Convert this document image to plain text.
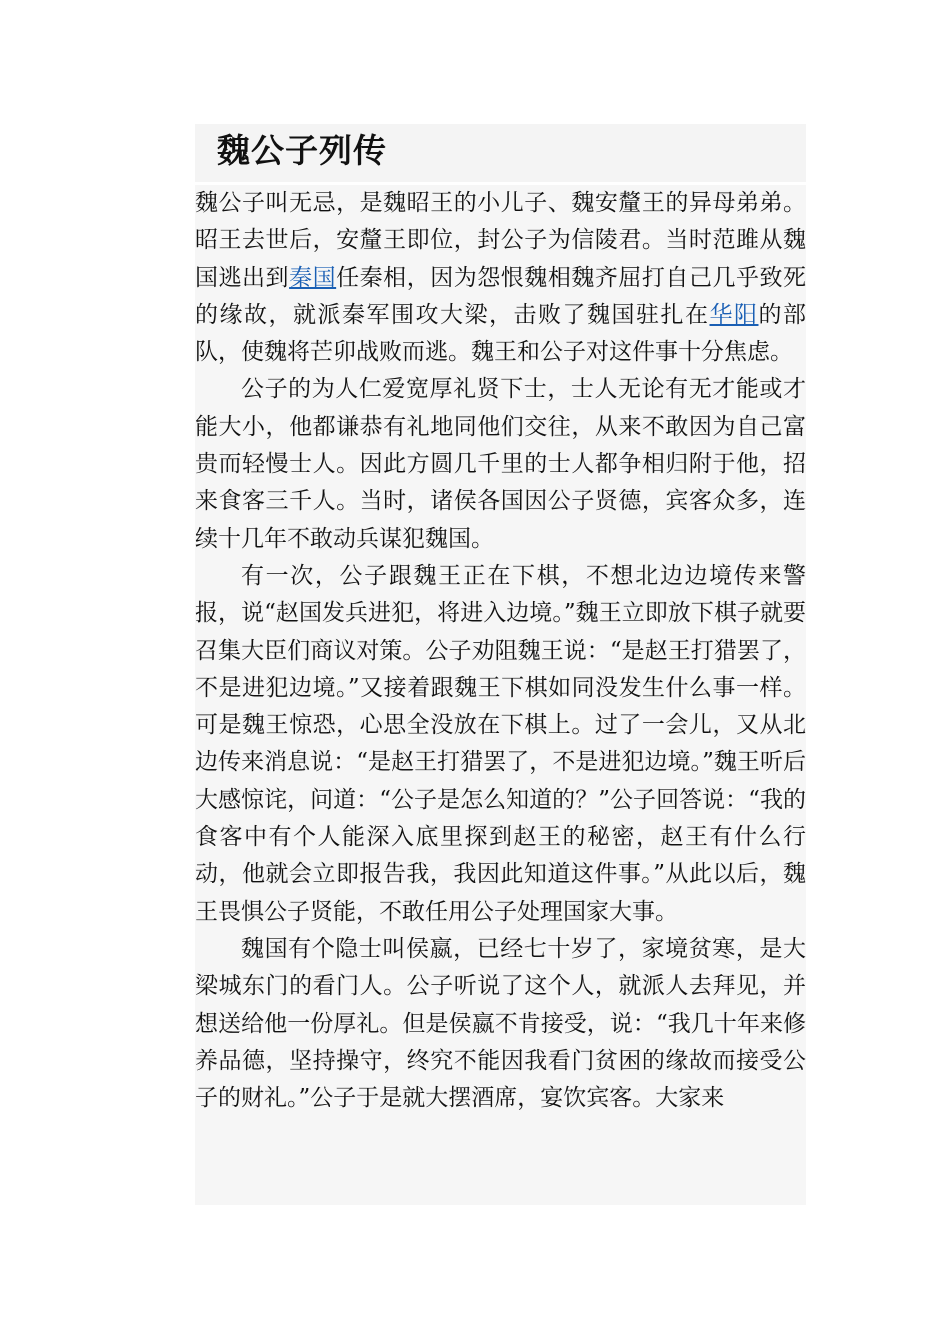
魏公子列传

魏公子叫无忌，是魏昭王的小儿子、魏安釐王的异母弟弟。昭王去世后，安釐王即位，封公子为信陵君。当时范雎从魏国逃出到秦国任秦相，因为怨恨魏相魏齐屈打自己几乎致死的缘故，就派秦军围攻大梁，击败了魏国驻扎在华阳的部队，使魏将芒卯战败而逃。魏王和公子对这件事十分焦虑。

公子的为人仁爱宽厚礼贤下士，士人无论有无才能或才能大小，他都谦恭有礼地同他们交往，从来不敢因为自己富贵而轻慢士人。因此方圆几千里的士人都争相归附于他，招来食客三千人。当时，诸侯各国因公子贤德，宾客众多，连续十几年不敢动兵谋犯魏国。

有一次，公子跟魏王正在下棋，不想北边边境传来警报，说“赵国发兵进犯，将进入边境。”魏王立即放下棋子就要召集大臣们商议对策。公子劝阻魏王说：“是赵王打猎罢了，不是进犯边境。”又接着跟魏王下棋如同没发生什么事一样。可是魏王惊恐，心思全没放在下棋上。过了一会儿，又从北边传来消息说：“是赵王打猎罢了，不是进犯边境。”魏王听后大感惊诧，问道：“公子是怎么知道的？”公子回答说：“我的食客中有个人能深入底里探到赵王的秘密，赵王有什么行动，他就会立即报告我，我因此知道这件事。”从此以后，魏王畏惧公子贤能，不敢任用公子处理国家大事。

魏国有个隐士叫侯嬴，已经七十岁了，家境贫寒，是大梁城东门的看门人。公子听说了这个人，就派人去拜见，并想送给他一份厚礼。但是侯嬴不肯接受，说：“我几十年来修养品德，坚持操守，终究不能因我看门贫困的缘故而接受公子的财礼。”公子于是就大摆酒席，宴饮宾客。大家来
